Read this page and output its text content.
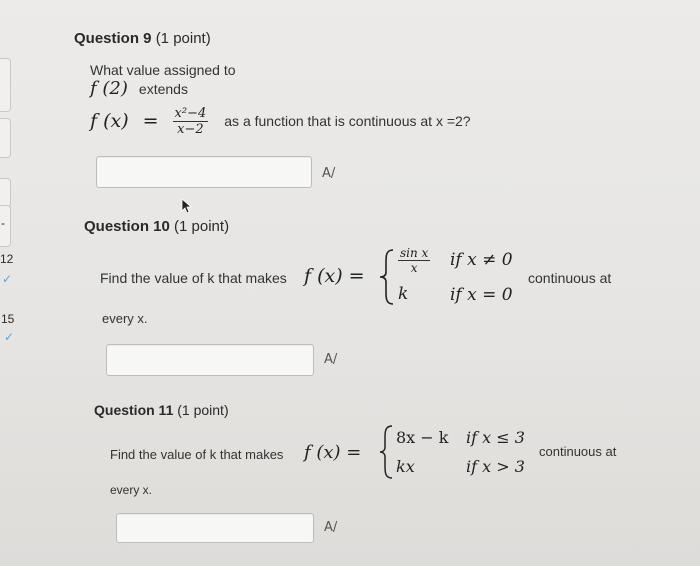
-
12
✓
15
✓
Question 9 (1 point)
What value assigned to
f (2) extends
f $(x) = \frac{\text{x²−4}}{x-2}$ as a function that is continuous at x =2?
A/
Question 10 (1 point)
Find the value of k that makes f (x) =
$\frac{\text{sin x}}{x}$ if x ≠ 0
k if x = 0
continuous at
every x.
A/
Question 11 (1 point)
Find the value of k that makes f (x) =
8x − k if x ≤ 3
kx	if x > 3
continuous at
every x.
A/
